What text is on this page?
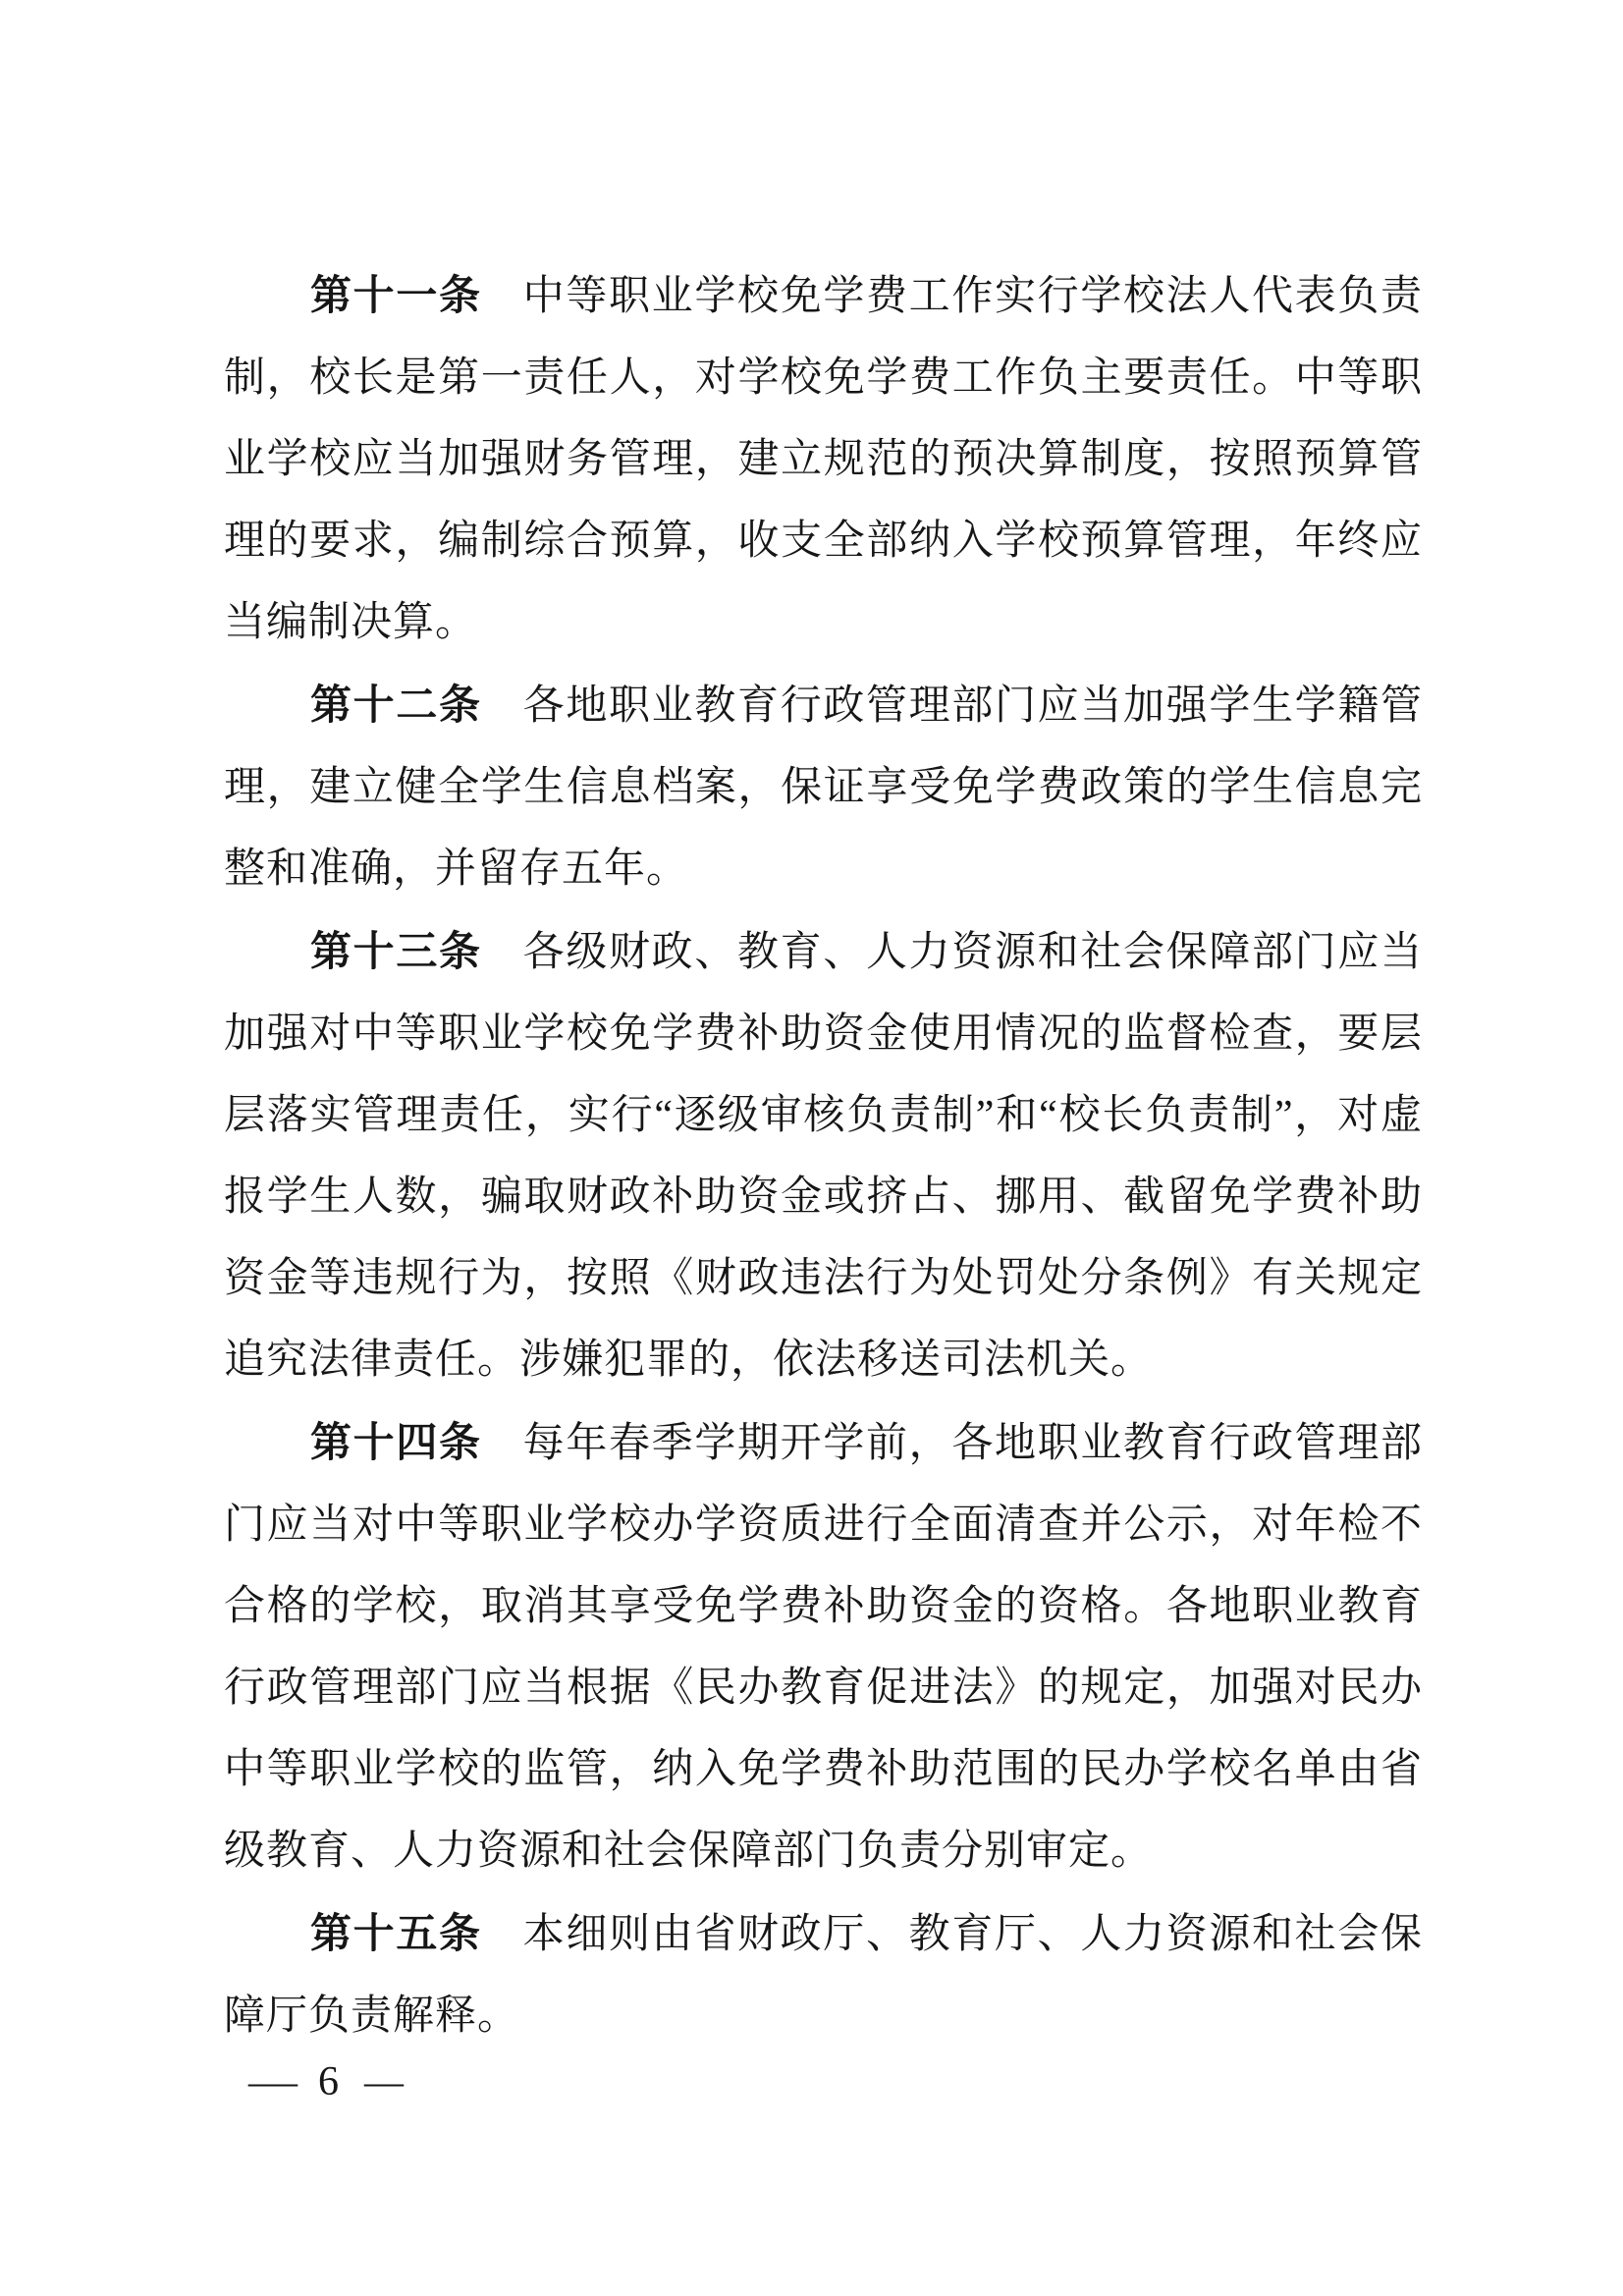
第十一条 中等职业学校免学费工作实行学校法人代表负责制，校长是第一责任人，对学校免学费工作负主要责任。中等职业学校应当加强财务管理，建立规范的预决算制度，按照预算管理的要求，编制综合预算，收支全部纳入学校预算管理，年终应当编制决算。

第十二条 各地职业教育行政管理部门应当加强学生学籍管理，建立健全学生信息档案，保证享受免学费政策的学生信息完整和准确，并留存五年。

第十三条 各级财政、教育、人力资源和社会保障部门应当加强对中等职业学校免学费补助资金使用情况的监督检查，要层层落实管理责任，实行“逐级审核负责制”和“校长负责制”，对虚报学生人数，骗取财政补助资金或挤占、挪用、截留免学费补助资金等违规行为，按照《财政违法行为处罚处分条例》有关规定追究法律责任。涉嫌犯罪的，依法移送司法机关。

第十四条 每年春季学期开学前，各地职业教育行政管理部门应当对中等职业学校办学资质进行全面清查并公示，对年检不合格的学校，取消其享受免学费补助资金的资格。各地职业教育行政管理部门应当根据《民办教育促进法》的规定，加强对民办中等职业学校的监管，纳入免学费补助范围的民办学校名单由省级教育、人力资源和社会保障部门负责分别审定。

第十五条 本细则由省财政厅、教育厅、人力资源和社会保障厅负责解释。

— 6 —
